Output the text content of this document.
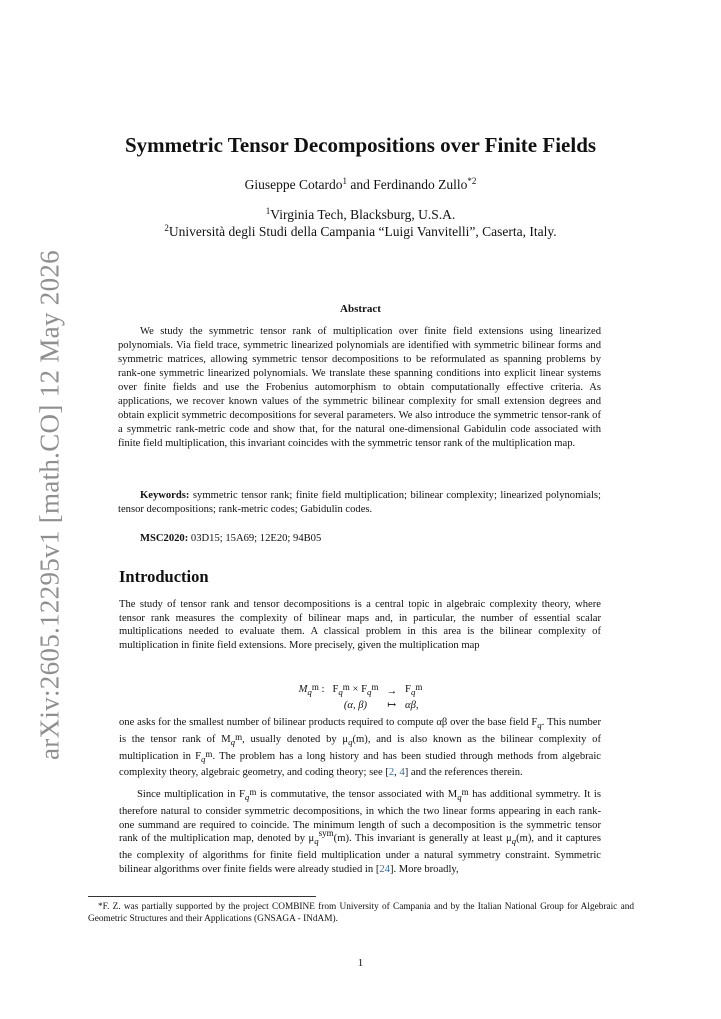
arXiv:2605.12295v1 [math.CO] 12 May 2026
Symmetric Tensor Decompositions over Finite Fields
Giuseppe Cotardo$^1$ and Ferdinando Zullo$^{*2}$
$^1$Virginia Tech, Blacksburg, U.S.A.
$^2$Università degli Studi della Campania “Luigi Vanvitelli”, Caserta, Italy.
Abstract

We study the symmetric tensor rank of multiplication over finite field extensions using linearized polynomials. Via field trace, symmetric linearized polynomials are identified with symmetric bilinear forms and symmetric matrices, allowing symmetric tensor decompositions to be reformulated as spanning problems by rank-one symmetric linearized polynomials. We translate these spanning conditions into explicit linear systems over finite fields and use the Frobenius automorphism to obtain computationally effective criteria. As applications, we recover known values of the symmetric bilinear complexity for small extension degrees and obtain explicit symmetric decompositions for several parameters. We also introduce the symmetric tensor-rank of a symmetric rank-metric code and show that, for the natural one-dimensional Gabidulin code associated with finite field multiplication, this invariant coincides with the symmetric tensor rank of the multiplication map.

Keywords: symmetric tensor rank; finite field multiplication; bilinear complexity; linearized polynomials; tensor decompositions; rank-metric codes; Gabidulin codes.

MSC2020: 03D15; 15A69; 12E20; 94B05

Introduction

The study of tensor rank and tensor decompositions is a central topic in algebraic complexity theory, where tensor rank measures the complexity of bilinear maps and, in particular, the number of essential scalar multiplications needed to evaluate them. A classical problem in this area is the bilinear complexity of multiplication in finite field extensions. More precisely, given the multiplication map

$M_{q^m}$ :	$F_{q^m} \times F_{q^m}$	→	$F_{q^m}$
	(α, β)	↦	αβ,

one asks for the smallest number of bilinear products required to compute αβ over the base field $F_q$. This number is the tensor rank of $M_{q^m}$, usually denoted by $\mu_q(m)$, and is also known as the bilinear complexity of multiplication in $F_{q^m}$. The problem has a long history and has been studied through methods from algebraic complexity theory, algebraic geometry, and coding theory; see [2, 4] and the references therein.

Since multiplication in $F_{q^m}$ is commutative, the tensor associated with $M_{q^m}$ has additional symmetry. It is therefore natural to consider symmetric decompositions, in which the two linear forms appearing in each rank-one summand are required to coincide. The minimum length of such a decomposition is the symmetric tensor rank of the multiplication map, denoted by $\mu_q^{sym}(m)$. This invariant is generally at least $\mu_q(m)$, and it captures the complexity of algorithms for finite field multiplication under a natural symmetry constraint. Symmetric bilinear algorithms over finite fields were already studied in [24]. More broadly,

*F. Z. was partially supported by the project COMBINE from University of Campania and by the Italian National Group for Algebraic and Geometric Structures and their Applications (GNSAGA - INdAM).

1
